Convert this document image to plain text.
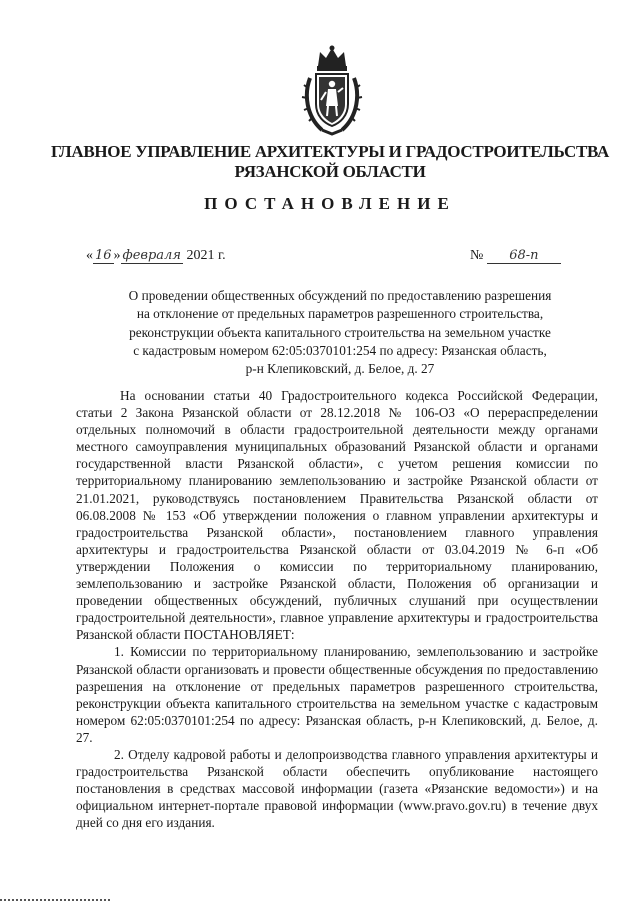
ГЛАВНОЕ УПРАВЛЕНИЕ АРХИТЕКТУРЫ И ГРАДОСТРОИТЕЛЬСТВА
РЯЗАНСКОЙ ОБЛАСТИ
ПОСТАНОВЛЕНИЕ
« 16 » февраля 2021 г.	№ 68-п
О проведении общественных обсуждений по предоставлению разрешения
на отклонение от предельных параметров разрешенного строительства,
реконструкции объекта капитального строительства на земельном участке
с кадастровым номером 62:05:0370101:254 по адресу: Рязанская область,
р-н Клепиковский, д. Белое, д. 27

На основании статьи 40 Градостроительного кодекса Российской Федерации, статьи 2 Закона Рязанской области от 28.12.2018 № 106-ОЗ «О перераспределении отдельных полномочий в области градостроительной деятельности между органами местного самоуправления муниципальных образований Рязанской области и органами государственной власти Рязанской области», с учетом решения комиссии по территориальному планированию землепользованию и застройке Рязанской области от 21.01.2021, руководствуясь постановлением Правительства Рязанской области от 06.08.2008 № 153 «Об утверждении положения о главном управлении архитектуры и градостроительства Рязанской области», постановлением главного управления архитектуры и градостроительства Рязанской области от 03.04.2019 № 6-п «Об утверждении Положения о комиссии по территориальному планированию, землепользованию и застройке Рязанской области, Положения об организации и проведении общественных обсуждений, публичных слушаний при осуществлении градостроительной деятельности», главное управление архитектуры и градостроительства Рязанской области ПОСТАНОВЛЯЕТ:

1. Комиссии по территориальному планированию, землепользованию и застройке Рязанской области организовать и провести общественные обсуждения по предоставлению разрешения на отклонение от предельных параметров разрешенного строительства, реконструкции объекта капитального строительства на земельном участке с кадастровым номером 62:05:0370101:254 по адресу: Рязанская область, р-н Клепиковский, д. Белое, д. 27.

2. Отделу кадровой работы и делопроизводства главного управления архитектуры и градостроительства Рязанской области обеспечить опубликование настоящего постановления в средствах массовой информации (газета «Рязанские ведомости») и на официальном интернет-портале правовой информации (www.pravo.gov.ru) в течение двух дней со дня его издания.
